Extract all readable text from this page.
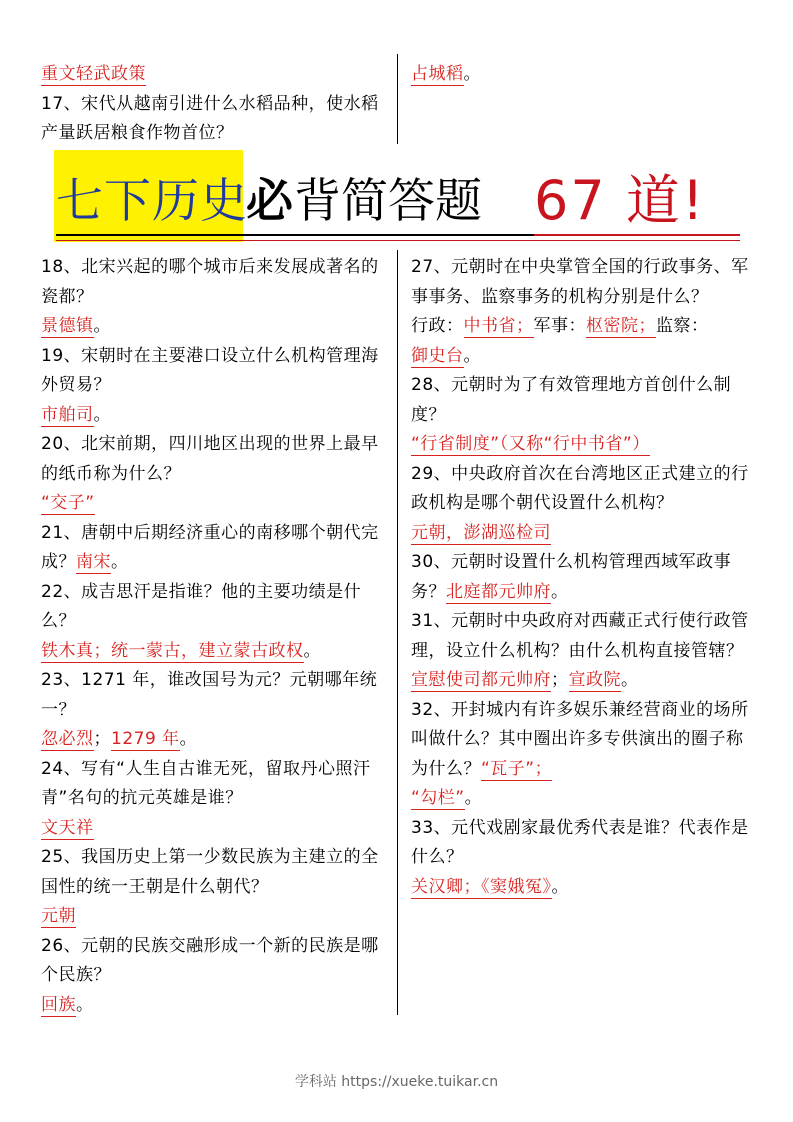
重文轻武政策

17、宋代从越南引进什么水稻品种，使水稻产量跃居粮食作物首位？

占城稻。
七下历史
必 背简答题 67 道!

18、北宋兴起的哪个城市后来发展成著名的瓷都？

景德镇。

19、宋朝时在主要港口设立什么机构管理海外贸易？

市舶司。

20、北宋前期，四川地区出现的世界上最早的纸币称为什么？

“交子”

21、唐朝中后期经济重心的南移哪个朝代完成？南宋。

22、成吉思汗是指谁？他的主要功绩是什么？

铁木真；统一蒙古，建立蒙古政权。

23、1271 年，谁改国号为元？元朝哪年统一？

忽必烈；1279 年。

24、写有“人生自古谁无死，留取丹心照汗青”名句的抗元英雄是谁？

文天祥

25、我国历史上第一少数民族为主建立的全国性的统一王朝是什么朝代？

元朝

26、元朝的民族交融形成一个新的民族是哪个民族？

回族。

27、元朝时在中央掌管全国的行政事务、军事事务、监察事务的机构分别是什么？

行政：中书省；军事：枢密院；监察：
御史台。

28、元朝时为了有效管理地方首创什么制度？

“行省制度”（又称“行中书省”）

29、中央政府首次在台湾地区正式建立的行政机构是哪个朝代设置什么机构？

元朝，澎湖巡检司

30、元朝时设置什么机构管理西域军政事务？北庭都元帅府。

31、元朝时中央政府对西藏正式行使行政管理，设立什么机构？由什么机构直接管辖？

宣慰使司都元帅府；宣政院。

32、开封城内有许多娱乐兼经营商业的场所叫做什么？其中圈出许多专供演出的圈子称为什么？“瓦子”；

“勾栏”。

33、元代戏剧家最优秀代表是谁？代表作是什么？

关汉卿；《窦娥冤》。
学科站 https://xueke.tuikar.cn
